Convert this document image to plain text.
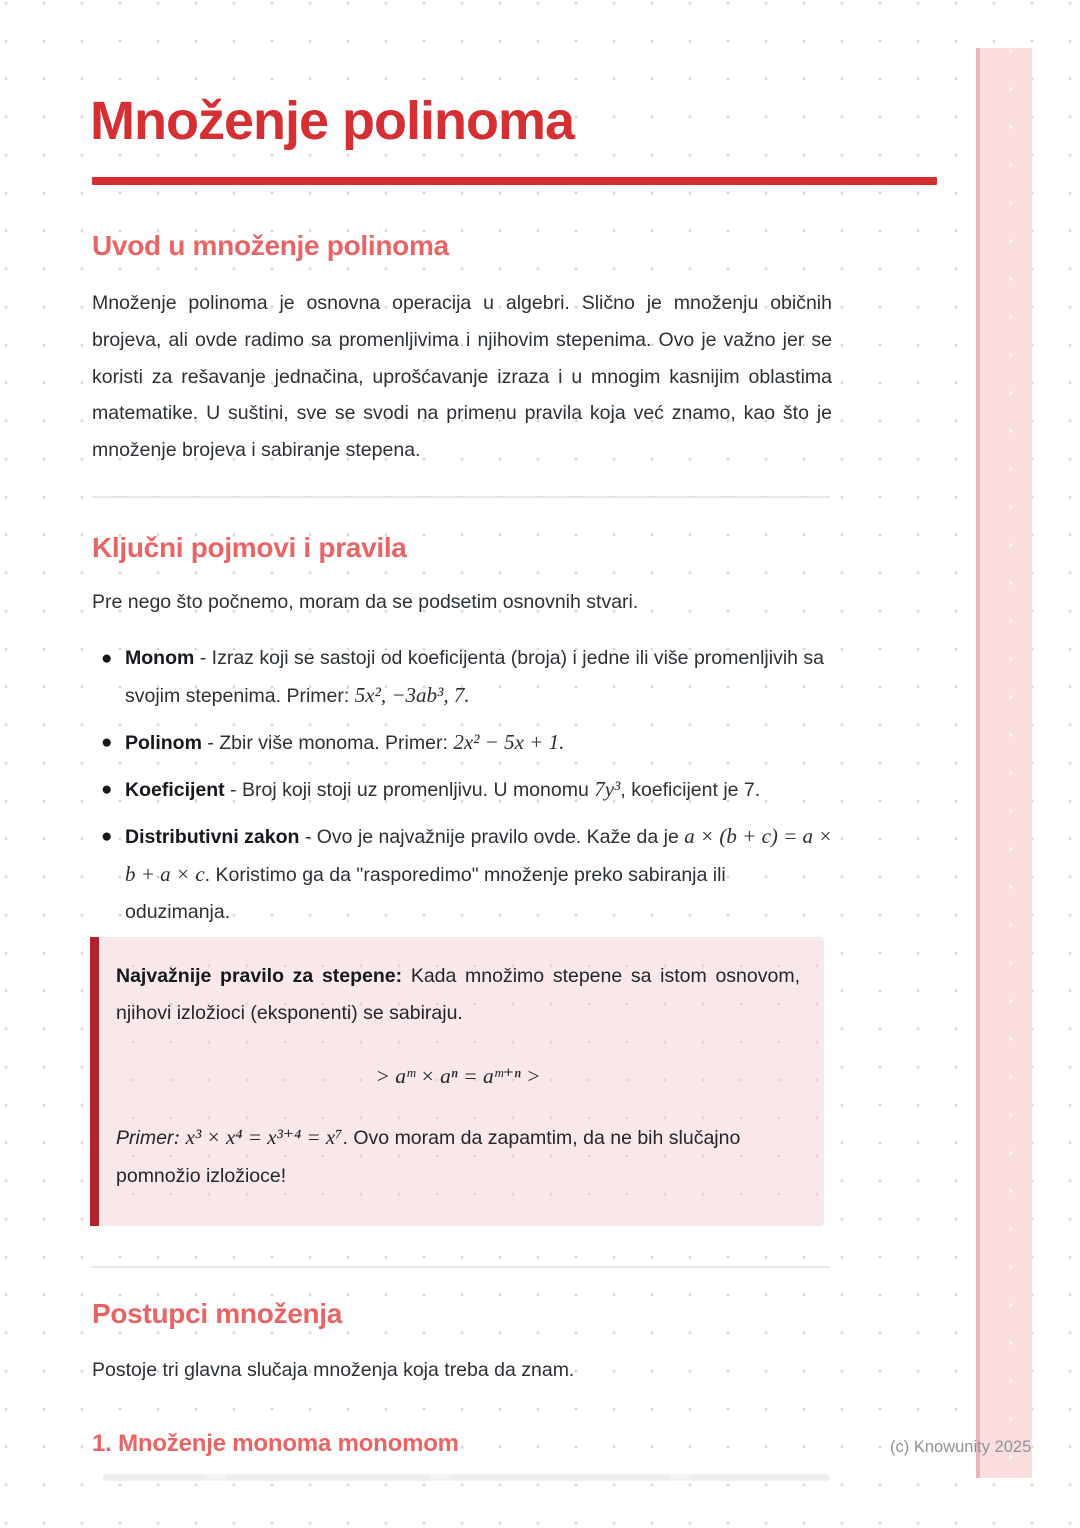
Množenje polinoma
Uvod u množenje polinoma

Množenje polinoma je osnovna operacija u algebri. Slično je množenju običnih brojeva, ali ovde radimo sa promenljivima i njihovim stepenima. Ovo je važno jer se koristi za rešavanje jednačina, uprošćavanje izraza i u mnogim kasnijim oblastima matematike. U suštini, sve se svodi na primenu pravila koja već znamo, kao što je množenje brojeva i sabiranje stepena.

Ključni pojmovi i pravila

Pre nego što počnemo, moram da se podsetim osnovnih stvari.

● Monom - Izraz koji se sastoji od koeficijenta (broja) i jedne ili više promenljivih sa svojim stepenima. Primer: 5x², −3ab³, 7.
● Polinom - Zbir više monoma. Primer: 2x² − 5x + 1.
● Koeficijent - Broj koji stoji uz promenljivu. U monomu 7y³, koeficijent je 7.
● Distributivni zakon - Ovo je najvažnije pravilo ovde. Kaže da je a × (b + c) = a × b + a × c. Koristimo ga da "rasporedimo" množenje preko sabiranja ili oduzimanja.

Najvažnije pravilo za stepene: Kada množimo stepene sa istom osnovom, njihovi izložioci (eksponenti) se sabiraju.

> aᵐ × aⁿ = aᵐ⁺ⁿ >

Primer: x³ × x⁴ = x³⁺⁴ = x⁷. Ovo moram da zapamtim, da ne bih slučajno pomnožio izložioce!

Postupci množenja

Postoje tri glavna slučaja množenja koja treba da znam.

1. Množenje monoma monomom	(c) Knowunity 2025
